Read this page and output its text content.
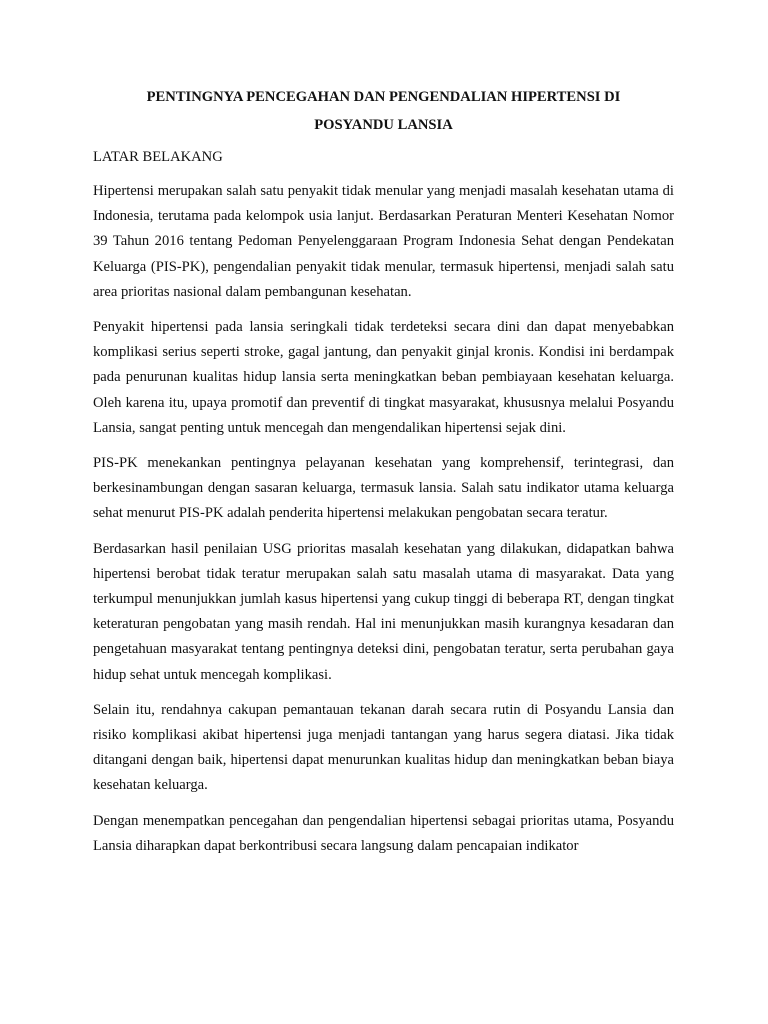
PENTINGNYA PENCEGAHAN DAN PENGENDALIAN HIPERTENSI DI
POSYANDU LANSIA

LATAR BELAKANG

Hipertensi merupakan salah satu penyakit tidak menular yang menjadi masalah kesehatan utama di Indonesia, terutama pada kelompok usia lanjut. Berdasarkan Peraturan Menteri Kesehatan Nomor 39 Tahun 2016 tentang Pedoman Penyelenggaraan Program Indonesia Sehat dengan Pendekatan Keluarga (PIS-PK), pengendalian penyakit tidak menular, termasuk hipertensi, menjadi salah satu area prioritas nasional dalam pembangunan kesehatan.

Penyakit hipertensi pada lansia seringkali tidak terdeteksi secara dini dan dapat menyebabkan komplikasi serius seperti stroke, gagal jantung, dan penyakit ginjal kronis. Kondisi ini berdampak pada penurunan kualitas hidup lansia serta meningkatkan beban pembiayaan kesehatan keluarga. Oleh karena itu, upaya promotif dan preventif di tingkat masyarakat, khususnya melalui Posyandu Lansia, sangat penting untuk mencegah dan mengendalikan hipertensi sejak dini.

PIS-PK menekankan pentingnya pelayanan kesehatan yang komprehensif, terintegrasi, dan berkesinambungan dengan sasaran keluarga, termasuk lansia. Salah satu indikator utama keluarga sehat menurut PIS-PK adalah penderita hipertensi melakukan pengobatan secara teratur.

Berdasarkan hasil penilaian USG prioritas masalah kesehatan yang dilakukan, didapatkan bahwa hipertensi berobat tidak teratur merupakan salah satu masalah utama di masyarakat. Data yang terkumpul menunjukkan jumlah kasus hipertensi yang cukup tinggi di beberapa RT, dengan tingkat keteraturan pengobatan yang masih rendah. Hal ini menunjukkan masih kurangnya kesadaran dan pengetahuan masyarakat tentang pentingnya deteksi dini, pengobatan teratur, serta perubahan gaya hidup sehat untuk mencegah komplikasi.

Selain itu, rendahnya cakupan pemantauan tekanan darah secara rutin di Posyandu Lansia dan risiko komplikasi akibat hipertensi juga menjadi tantangan yang harus segera diatasi. Jika tidak ditangani dengan baik, hipertensi dapat menurunkan kualitas hidup dan meningkatkan beban biaya kesehatan keluarga.

Dengan menempatkan pencegahan dan pengendalian hipertensi sebagai prioritas utama, Posyandu Lansia diharapkan dapat berkontribusi secara langsung dalam pencapaian indikator
